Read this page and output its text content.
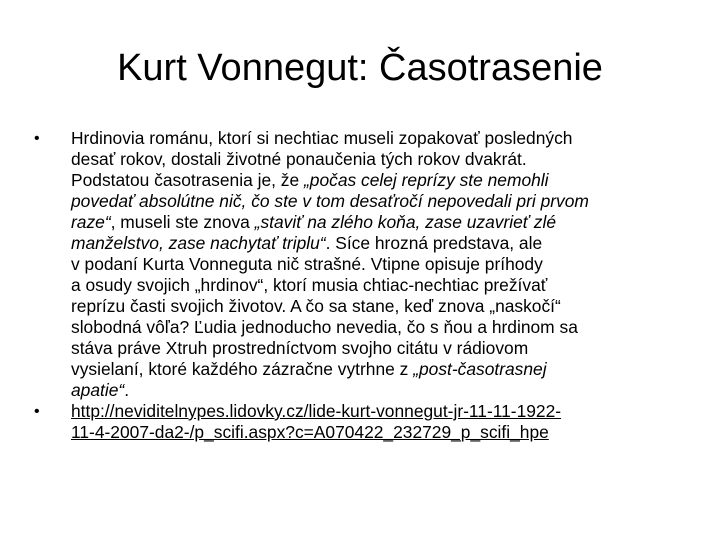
Kurt Vonnegut: Časotrasenie
•	Hrdinovia románu, ktorí si nechtiac museli zopakovať posledných
desať rokov, dostali životné ponaučenia tých rokov dvakrát.
Podstatou časotrasenia je, že „počas celej reprízy ste nemohli
povedať absolútne nič, čo ste v tom desaťročí nepovedali pri prvom
raze“, museli ste znova „staviť na zlého koňa, zase uzavrieť zlé
manželstvo, zase nachytať triplu“. Síce hrozná predstava, ale
v podaní Kurta Vonneguta nič strašné. Vtipne opisuje príhody
a osudy svojich „hrdinov“, ktorí musia chtiac-nechtiac prežívať
reprízu časti svojich životov. A čo sa stane, keď znova „naskočí“
slobodná vôľa? Ľudia jednoducho nevedia, čo s ňou a hrdinom sa
stáva práve Xtruh prostredníctvom svojho citátu v rádiovom
vysielaní, ktoré každého zázračne vytrhne z „post-časotrasnej
apatie“.
•	http://neviditelnypes.lidovky.cz/lide-kurt-vonnegut-jr-11-11-1922-
11-4-2007-da2-/p_scifi.aspx?c=A070422_232729_p_scifi_hpe
